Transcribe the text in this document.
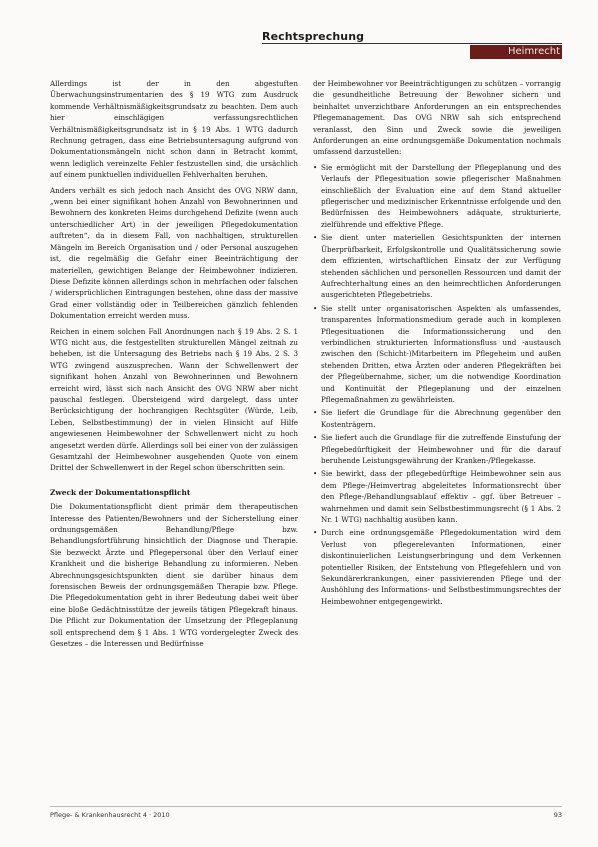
Rechtsprechung
Heimrecht

Allerdings ist der in den abgestuften Überwachungsinstrumentarien des § 19 WTG zum Ausdruck kommende Verhältnismäßigkeitsgrundsatz zu beachten. Dem auch hier einschlägigen verfassungsrechtlichen Verhältnismäßigkeitsgrundsatz ist in § 19 Abs. 1 WTG dadurch Rechnung getragen, dass eine Betriebsuntersagung aufgrund von Dokumentationsmängeln nicht schon dann in Betracht kommt, wenn lediglich vereinzelte Fehler festzustellen sind, die ursächlich auf einem punktuellen individuellen Fehlverhalten beruhen.

Anders verhält es sich jedoch nach Ansicht des OVG NRW dann, „wenn bei einer signifikant hohen Anzahl von Bewohnerinnen und Bewohnern des konkreten Heims durchgehend Defizite (wenn auch unterschiedlicher Art) in der jeweiligen Pflegedokumentation auftreten“, da in diesem Fall, von nachhaltigen, strukturellen Mängeln im Bereich Organisation und / oder Personal auszugehen ist, die regelmäßig die Gefahr einer Beeinträchtigung der materiellen, gewichtigen Belange der Heimbewohner indizieren. Diese Defizite können allerdings schon in mehrfachen oder falschen / widersprüchlichen Eintragungen bestehen, ohne dass der massive Grad einer vollständig oder in Teilbereichen gänzlich fehlenden Dokumentation erreicht werden muss.

Reichen in einem solchen Fall Anordnungen nach § 19 Abs. 2 S. 1 WTG nicht aus, die festgestellten strukturellen Mängel zeitnah zu beheben, ist die Untersagung des Betriebs nach § 19 Abs. 2 S. 3 WTG zwingend auszusprechen. Wann der Schwellenwert der signifikant hohen Anzahl von Bewohnerinnen und Bewohnern erreicht wird, lässt sich nach Ansicht des OVG NRW aber nicht pauschal festlegen. Übersteigend wird dargelegt, dass unter Berücksichtigung der hochrangigen Rechtsgüter (Würde, Leib, Leben, Selbstbestimmung) der in vielen Hinsicht auf Hilfe angewiesenen Heimbewohner der Schwellenwert nicht zu hoch angesetzt werden dürfe. Allerdings soll bei einer von der zulässigen Gesamtzahl der Heimbewohner ausgehenden Quote von einem Drittel der Schwellenwert in der Regel schon überschritten sein.

Zweck der Dokumentationspflicht

Die Dokumentationspflicht dient primär dem therapeutischen Interesse des Patienten/Bewohners und der Sicherstellung einer ordnungsgemäßen Behandlung/Pflege bzw. Behandlungsfortführung hinsichtlich der Diagnose und Therapie. Sie bezweckt Ärzte und Pflegepersonal über den Verlauf einer Krankheit und die bisherige Behandlung zu informieren. Neben Abrechnungsgesichtspunkten dient sie darüber hinaus dem forensischen Beweis der ordnungsgemäßen Therapie bzw. Pflege. Die Pflegedokumentation geht in ihrer Bedeutung dabei weit über eine bloße Gedächtnisstütze der jeweils tätigen Pflegekraft hinaus. Die Pflicht zur Dokumentation der Umsetzung der Pflegeplanung soll entsprechend dem § 1 Abs. 1 WTG vordergelegter Zweck des Gesetzes – die Interessen und Bedürfnisse

der Heimbewohner vor Beeinträchtigungen zu schützen – vorrangig die gesundheitliche Betreuung der Bewohner sichern und beinhaltet unverzichtbare Anforderungen an ein entsprechendes Pflegemanagement. Das OVG NRW sah sich entsprechend veranlasst, den Sinn und Zweck sowie die jeweiligen Anforderungen an eine ordnungsgemäße Dokumentation nochmals umfassend darzustellen:

• Sie ermöglicht mit der Darstellung der Pflegeplanung und des Verlaufs der Pflegesituation sowie pflegerischer Maßnahmen einschließlich der Evaluation eine auf dem Stand aktueller pflegerischer und medizinischer Erkenntnisse erfolgende und den Bedürfnissen des Heimbewohners adäquate, strukturierte, zielführende und effektive Pflege.
• Sie dient unter materiellen Gesichtspunkten der internen Überprüfbarkeit, Erfolgskontrolle und Qualitätssicherung sowie dem effizienten, wirtschaftlichen Einsatz der zur Verfügung stehenden sächlichen und personellen Ressourcen und damit der Aufrechterhaltung eines an den heimrechtlichen Anforderungen ausgerichteten Pflegebetriebs.
• Sie stellt unter organisatorischen Aspekten als umfassendes, transparentes Informationsmedium gerade auch in komplexen Pflegesituationen die Informationssicherung und den verbindlichen strukturierten Informationsfluss und -austausch zwischen den (Schicht-)Mitarbeitern im Pflegeheim und außen stehenden Dritten, etwa Ärzten oder anderen Pflegekräften bei der Pflegeübernahme, sicher, um die notwendige Koordination und Kontinuität der Pflegeplanung und der einzelnen Pflegemaßnahmen zu gewährleisten.
• Sie liefert die Grundlage für die Abrechnung gegenüber den Kostenträgern.
• Sie liefert auch die Grundlage für die zutreffende Einstufung der Pflegebedürftigkeit der Heimbewohner und für die darauf beruhende Leistungsgewährung der Kranken-/Pflegekasse.
• Sie bewirkt, dass der pflegebedürftige Heimbewohner sein aus dem Pflege-/Heimvertrag abgeleitetes Informationsrecht über den Pflege-/Behandlungsablauf effektiv – ggf. über Betreuer – wahrnehmen und damit sein Selbstbestimmungsrecht (§ 1 Abs. 2 Nr. 1 WTG) nachhaltig ausüben kann.
• Durch eine ordnungsgemäße Pflegedokumentation wird dem Verlust von pflegerelevanten Informationen, einer diskontinuierlichen Leistungserbringung und dem Verkennen potentieller Risiken, der Entstehung von Pflegefehlern und von Sekundärerkrankungen, einer passivierenden Pflege und der Aushöhlung des Informations- und Selbstbestimmungsrechtes der Heimbewohner entgegengewirkt.
Pflege- & Krankenhausrecht 4 · 2010	93
